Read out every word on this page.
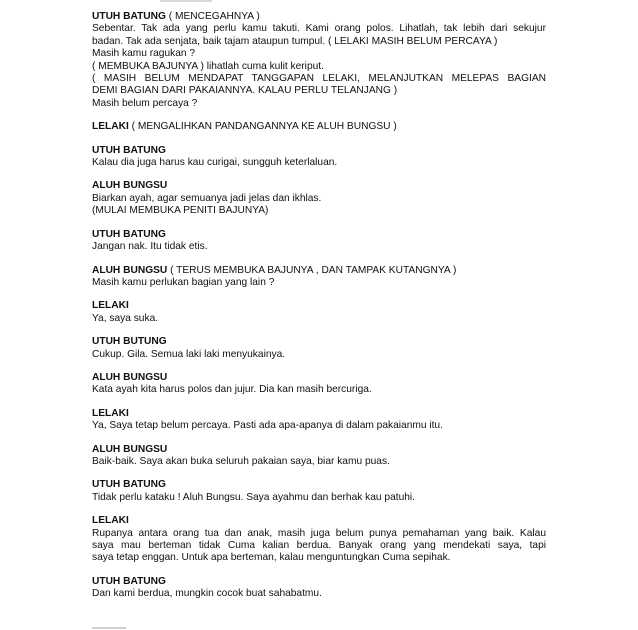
UTUH BATUNG ( MENCEGAHNYA )
Sebentar. Tak ada yang perlu kamu takuti. Kami orang polos. Lihatlah, tak lebih dari sekujur
badan. Tak ada senjata, baik tajam ataupun tumpul. ( LELAKI MASIH BELUM PERCAYA )
Masih kamu ragukan ?
( MEMBUKA BAJUNYA ) lihatlah cuma kulit keriput.
( MASIH BELUM MENDAPAT TANGGAPAN LELAKI, MELANJUTKAN MELEPAS BAGIAN
DEMI BAGIAN DARI PAKAIANNYA. KALAU PERLU TELANJANG )
Masih belum percaya ?
LELAKI ( MENGALIHKAN PANDANGANNYA KE ALUH BUNGSU )
UTUH BATUNG
Kalau dia juga harus kau curigai, sungguh keterlaluan.
ALUH BUNGSU
Biarkan ayah, agar semuanya jadi jelas dan ikhlas.
(MULAI MEMBUKA PENITI BAJUNYA)
UTUH BATUNG
Jangan nak. Itu tidak etis.
ALUH BUNGSU ( TERUS MEMBUKA BAJUNYA , DAN TAMPAK KUTANGNYA )
Masih kamu perlukan bagian yang lain ?
LELAKI
Ya, saya suka.
UTUH BUTUNG
Cukup. Gila. Semua laki laki menyukainya.
ALUH BUNGSU
Kata ayah kita harus polos dan jujur. Dia kan masih bercuriga.
LELAKI
Ya, Saya tetap belum percaya. Pasti ada apa-apanya di dalam pakaianmu itu.
ALUH BUNGSU
Baik-baik. Saya akan buka seluruh pakaian saya, biar kamu puas.
UTUH BATUNG
Tidak perlu kataku ! Aluh Bungsu. Saya ayahmu dan berhak kau patuhi.
LELAKI
Rupanya antara orang tua dan anak, masih juga belum punya pemahaman yang baik. Kalau
saya mau berteman tidak Cuma kalian berdua. Banyak orang yang mendekati saya, tapi
saya tetap enggan. Untuk apa berteman, kalau menguntungkan Cuma sepihak.
UTUH BATUNG
Dan kami berdua, mungkin cocok buat sahabatmu.
